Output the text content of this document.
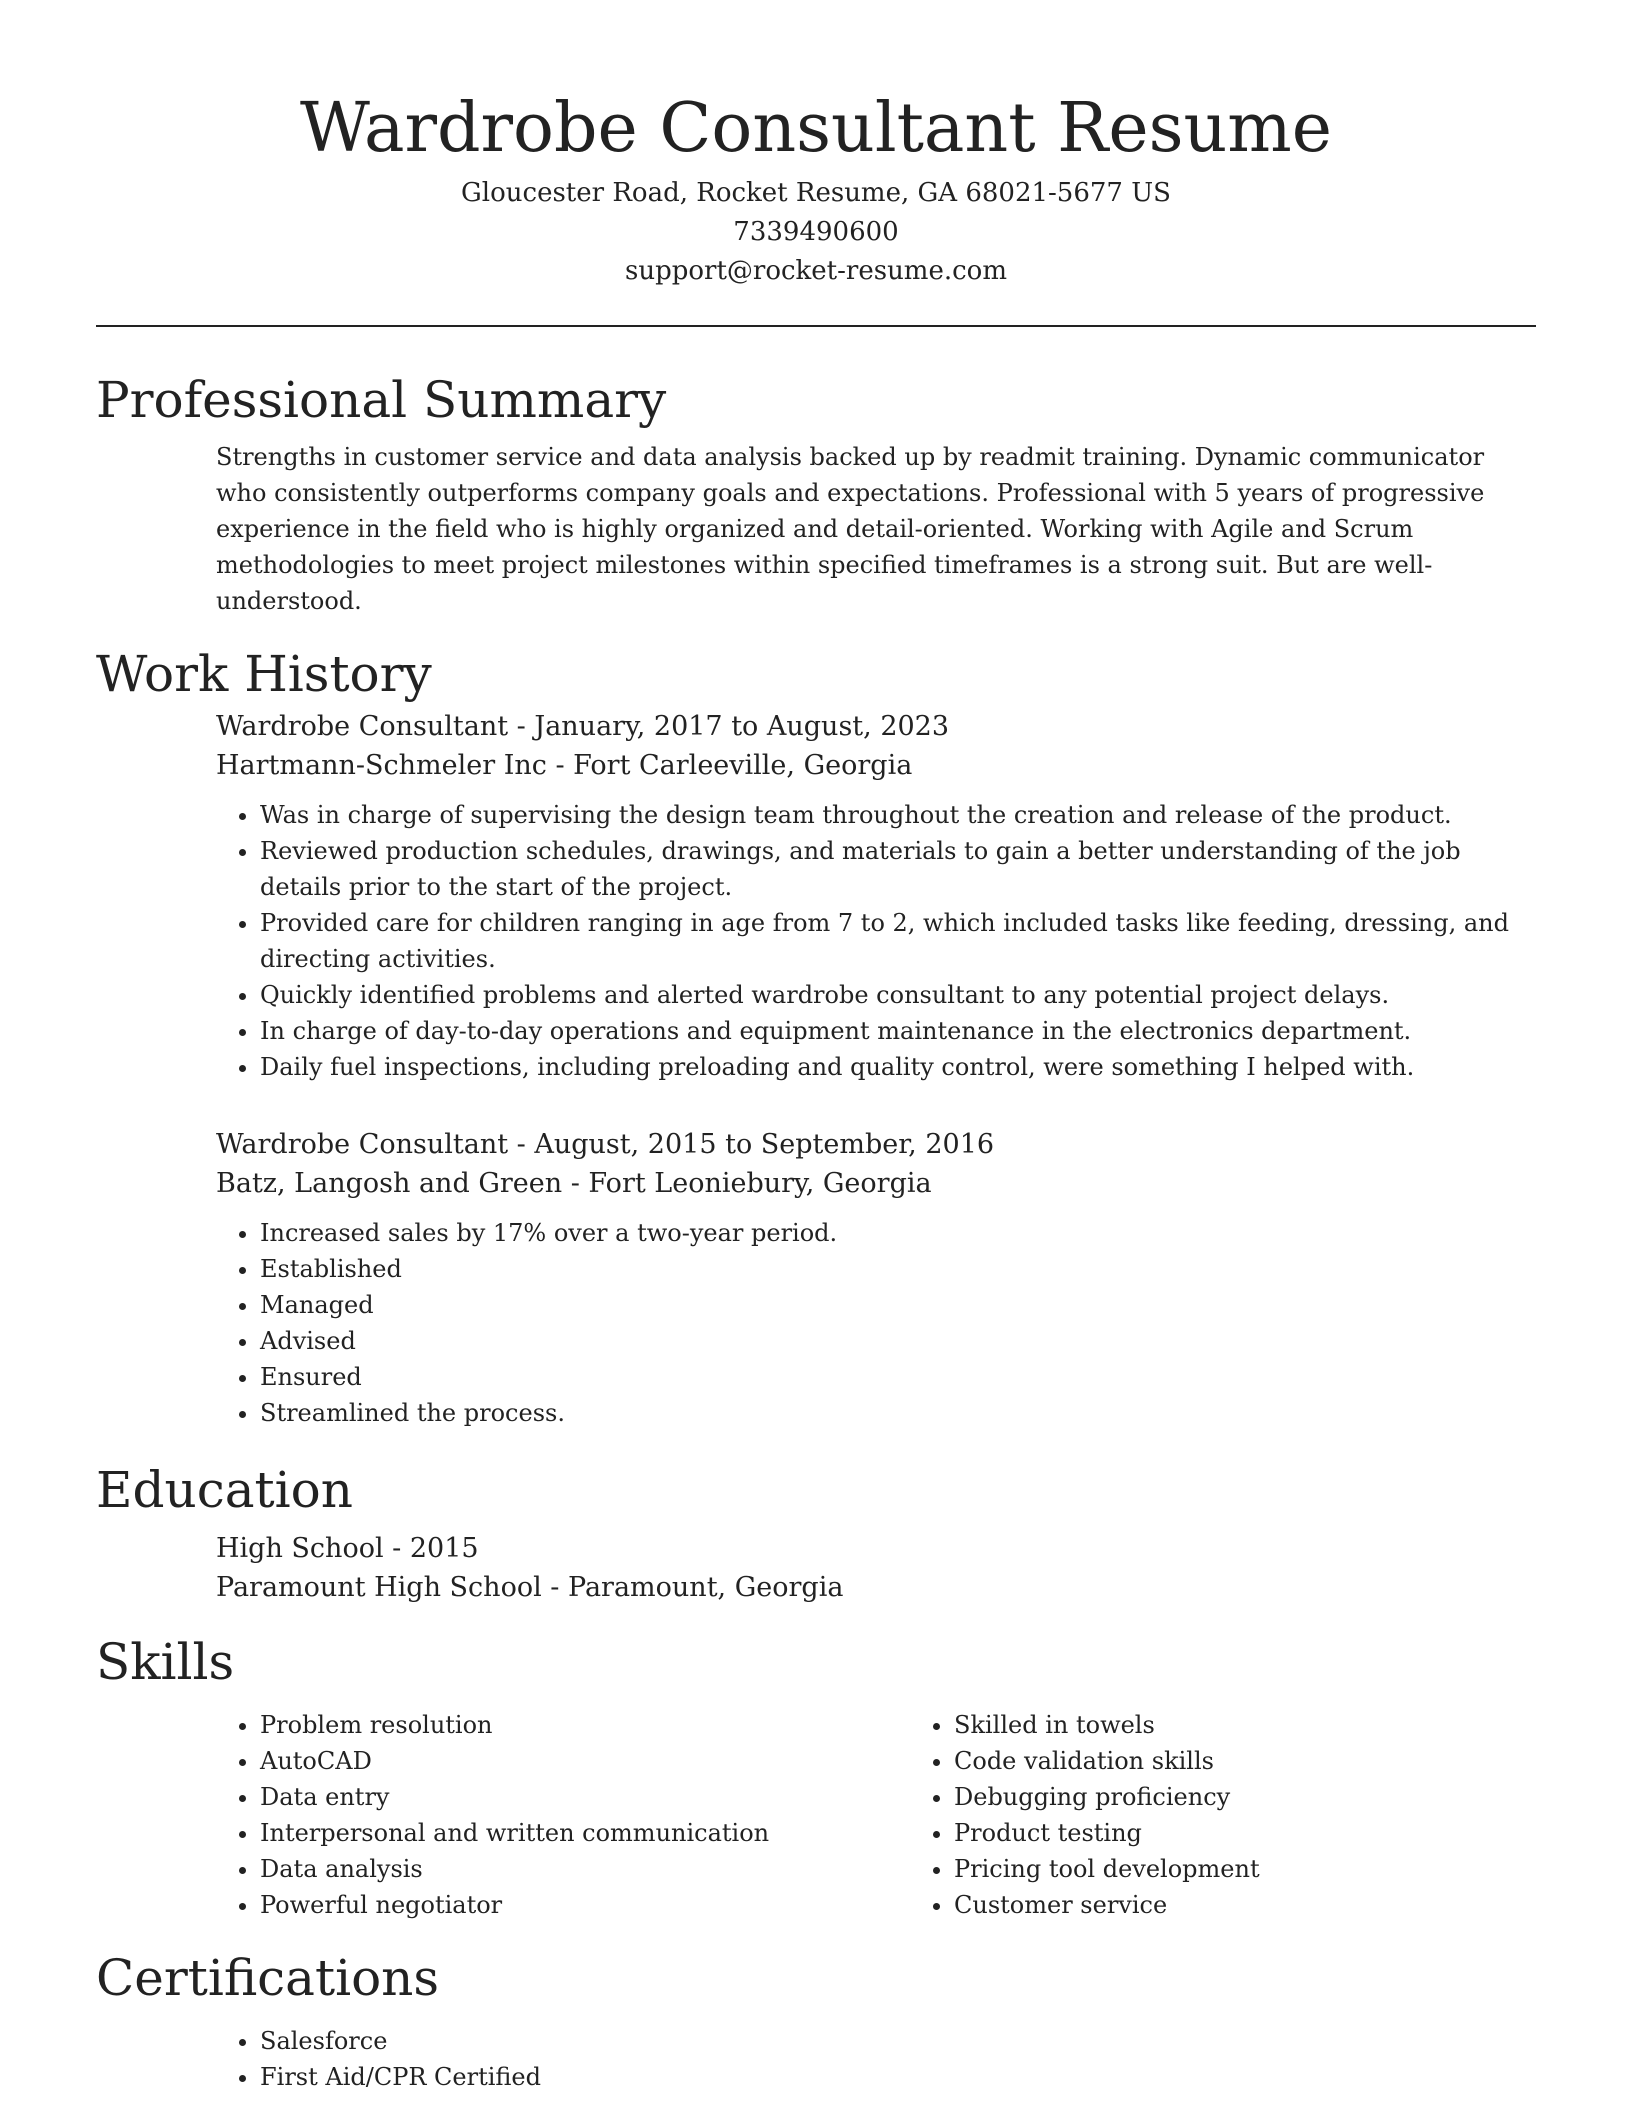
Wardrobe Consultant Resume
Gloucester Road, Rocket Resume, GA 68021-5677 US
7339490600
support@rocket-resume.com
Professional Summary

Strengths in customer service and data analysis backed up by readmit training. Dynamic communicator who consistently outperforms company goals and expectations. Professional with 5 years of progressive experience in the field who is highly organized and detail-oriented. Working with Agile and Scrum methodologies to meet project milestones within specified timeframes is a strong suit. But are well-understood.

Work History
Wardrobe Consultant - January, 2017 to August, 2023
Hartmann-Schmeler Inc - Fort Carleeville, Georgia
• Was in charge of supervising the design team throughout the creation and release of the product.
• Reviewed production schedules, drawings, and materials to gain a better understanding of the job details prior to the start of the project.
• Provided care for children ranging in age from 7 to 2, which included tasks like feeding, dressing, and directing activities.
• Quickly identified problems and alerted wardrobe consultant to any potential project delays.
• In charge of day-to-day operations and equipment maintenance in the electronics department.
• Daily fuel inspections, including preloading and quality control, were something I helped with.
Wardrobe Consultant - August, 2015 to September, 2016
Batz, Langosh and Green - Fort Leoniebury, Georgia
• Increased sales by 17% over a two-year period.
• Established
• Managed
• Advised
• Ensured
• Streamlined the process.
Education
High School - 2015
Paramount High School - Paramount, Georgia
Skills
• Problem resolution
• AutoCAD
• Data entry
• Interpersonal and written communication
• Data analysis
• Powerful negotiator
• Skilled in towels
• Code validation skills
• Debugging proficiency
• Product testing
• Pricing tool development
• Customer service
Certifications
• Salesforce
• First Aid/CPR Certified
